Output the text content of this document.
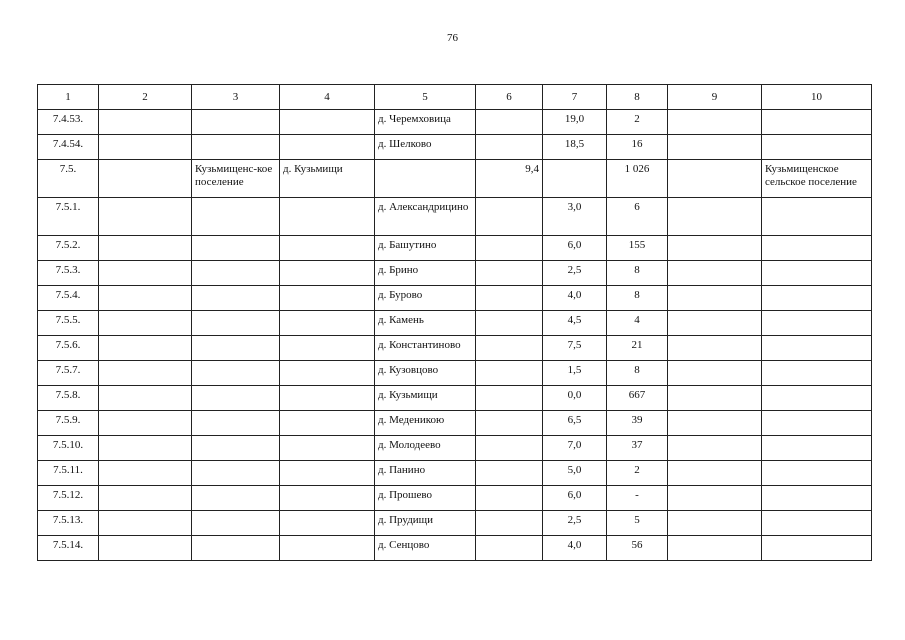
76
1	2	3	4	5	6	7	8	9	10
7.4.53.				д. Черемховица		19,0	2		
7.4.54.				д. Шелково		18,5	16		
7.5.		Кузьмищенс-кое поселение	д. Кузьмищи		9,4		1 026		Кузьмищенское сельское поселение
7.5.1.				д. Александрицино		3,0	6		
7.5.2.				д. Башутино		6,0	155		
7.5.3.				д. Брино		2,5	8		
7.5.4.				д. Бурово		4,0	8		
7.5.5.				д. Камень		4,5	4		
7.5.6.				д. Константиново		7,5	21		
7.5.7.				д. Кузовцово		1,5	8		
7.5.8.				д. Кузьмищи		0,0	667		
7.5.9.				д. Меденикою		6,5	39		
7.5.10.				д. Молодеево		7,0	37		
7.5.11.				д. Панино		5,0	2		
7.5.12.				д. Прошево		6,0	-		
7.5.13.				д. Прудищи		2,5	5		
7.5.14.				д. Сенцово		4,0	56		
